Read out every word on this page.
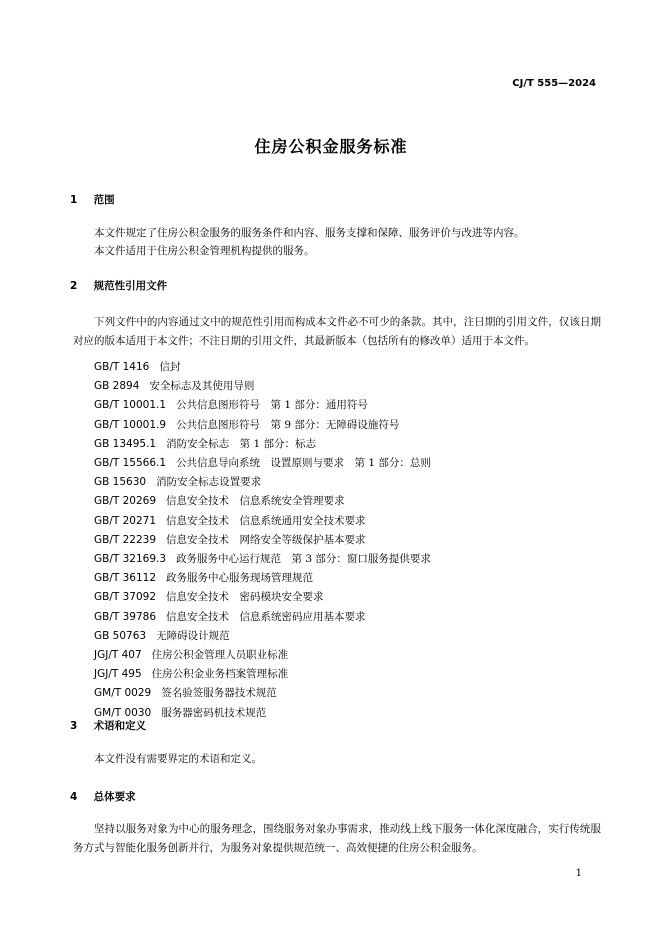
CJ/T 555—2024
住房公积金服务标准
1 范围
本文件规定了住房公积金服务的服务条件和内容、服务支撑和保障、服务评价与改进等内容。
本文件适用于住房公积金管理机构提供的服务。
2 规范性引用文件
下列文件中的内容通过文中的规范性引用而构成本文件必不可少的条款。其中，注日期的引用文件，仅该日期对应的版本适用于本文件；不注日期的引用文件，其最新版本（包括所有的修改单）适用于本文件。
GB/T 1416 信封
GB 2894 安全标志及其使用导则
GB/T 10001.1 公共信息图形符号　第 1 部分：通用符号
GB/T 10001.9 公共信息图形符号　第 9 部分：无障碍设施符号
GB 13495.1 消防安全标志　第 1 部分：标志
GB/T 15566.1 公共信息导向系统　设置原则与要求　第 1 部分：总则
GB 15630 消防安全标志设置要求
GB/T 20269 信息安全技术　信息系统安全管理要求
GB/T 20271 信息安全技术　信息系统通用安全技术要求
GB/T 22239 信息安全技术　网络安全等级保护基本要求
GB/T 32169.3 政务服务中心运行规范　第 3 部分：窗口服务提供要求
GB/T 36112 政务服务中心服务现场管理规范
GB/T 37092 信息安全技术　密码模块安全要求
GB/T 39786 信息安全技术　信息系统密码应用基本要求
GB 50763 无障碍设计规范
JGJ/T 407 住房公积金管理人员职业标准
JGJ/T 495 住房公积金业务档案管理标准
GM/T 0029 签名验签服务器技术规范
GM/T 0030 服务器密码机技术规范
3 术语和定义
本文件没有需要界定的术语和定义。
4 总体要求
坚持以服务对象为中心的服务理念，围绕服务对象办事需求，推动线上线下服务一体化深度融合，实行传统服务方式与智能化服务创新并行，为服务对象提供规范统一、高效便捷的住房公积金服务。
1
